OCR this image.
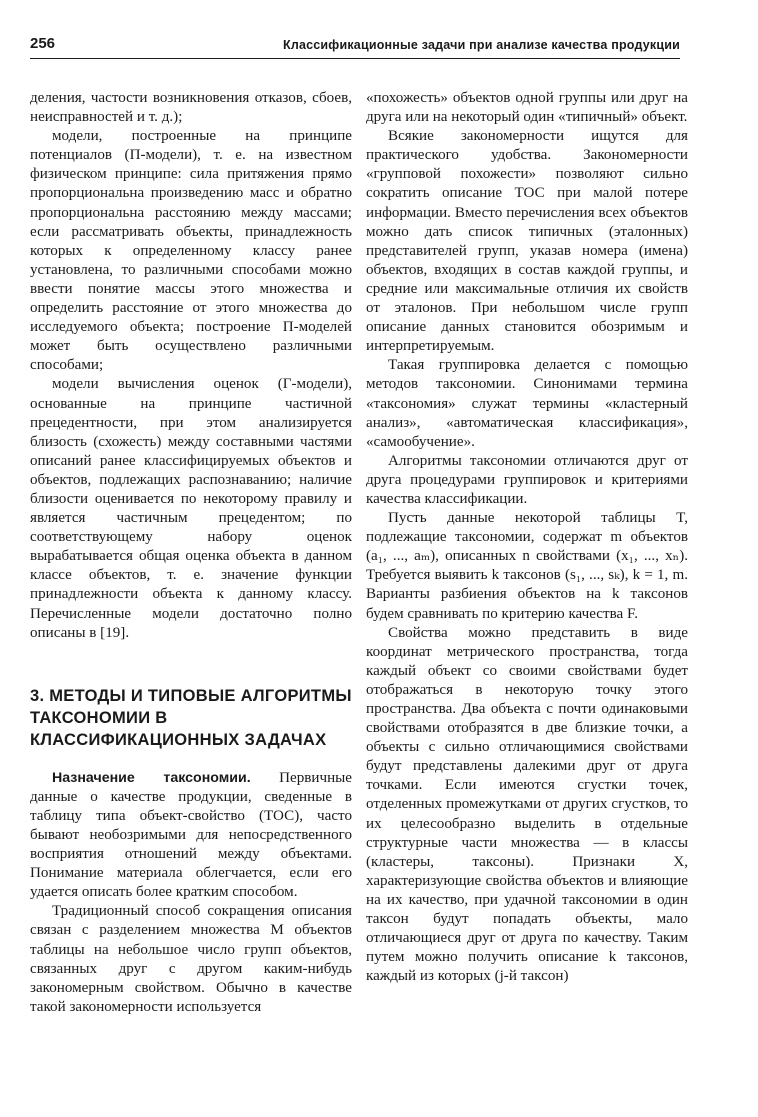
256	Классификационные задачи при анализе качества продукции

деления, частости возникновения отказов, сбоев, неисправностей и т. д.);

модели, построенные на принципе потенциалов (П-модели), т. е. на известном физическом принципе: сила притяжения прямо пропорциональна произведению масс и обратно пропорциональна расстоянию между массами; если рассматривать объекты, принадлежность которых к определенному классу ранее установлена, то различными способами можно ввести понятие массы этого множества и определить расстояние от этого множества до исследуемого объекта; построение П-моделей может быть осуществлено различными способами;

модели вычисления оценок (Г-модели), основанные на принципе частичной прецедентности, при этом анализируется близость (схожесть) между составными частями описаний ранее классифицируемых объектов и объектов, подлежащих распознаванию; наличие близости оценивается по некоторому правилу и является частичным прецедентом; по соответствующему набору оценок вырабатывается общая оценка объекта в данном классе объектов, т. е. значение функции принадлежности объекта к данному классу. Перечисленные модели достаточно полно описаны в [19].

3. МЕТОДЫ И ТИПОВЫЕ АЛГОРИТМЫ ТАКСОНОМИИ В КЛАССИФИКАЦИОННЫХ ЗАДАЧАХ

Назначение таксономии. Первичные данные о качестве продукции, сведенные в таблицу типа объект-свойство (ТОС), часто бывают необозримыми для непосредственного восприятия отношений между объектами. Понимание материала облегчается, если его удается описать более кратким способом.

Традиционный способ сокращения описания связан с разделением множества М объектов таблицы на небольшое число групп объектов, связанных друг с другом каким-нибудь закономерным свойством. Обычно в качестве такой закономерности используется

«похожесть» объектов одной группы или друг на друга или на некоторый один «типичный» объект.

Всякие закономерности ищутся для практического удобства. Закономерности «групповой похожести» позволяют сильно сократить описание ТОС при малой потере информации. Вместо перечисления всех объектов можно дать список типичных (эталонных) представителей групп, указав номера (имена) объектов, входящих в состав каждой группы, и средние или максимальные отличия их свойств от эталонов. При небольшом числе групп описание данных становится обозримым и интерпретируемым.

Такая группировка делается с помощью методов таксономии. Синонимами термина «таксономия» служат термины «кластерный анализ», «автоматическая классификация», «самообучение».

Алгоритмы таксономии отличаются друг от друга процедурами группировок и критериями качества классификации.

Пусть данные некоторой таблицы T, подлежащие таксономии, содержат m объектов (a₁, ..., aₘ), описанных n свойствами (x₁, ..., xₙ). Требуется выявить k таксонов (s₁, ..., sₖ), k = 1, m. Варианты разбиения объектов на k таксонов будем сравнивать по критерию качества F.

Свойства можно представить в виде координат метрического пространства, тогда каждый объект со своими свойствами будет отображаться в некоторую точку этого пространства. Два объекта с почти одинаковыми свойствами отобразятся в две близкие точки, а объекты с сильно отличающимися свойствами будут представлены далекими друг от друга точками. Если имеются сгустки точек, отделенных промежутками от других сгустков, то их целесообразно выделить в отдельные структурные части множества — в классы (кластеры, таксоны). Признаки X, характеризующие свойства объектов и влияющие на их качество, при удачной таксономии в один таксон будут попадать объекты, мало отличающиеся друг от друга по качеству. Таким путем можно получить описание k таксонов, каждый из которых (j-й таксон)
